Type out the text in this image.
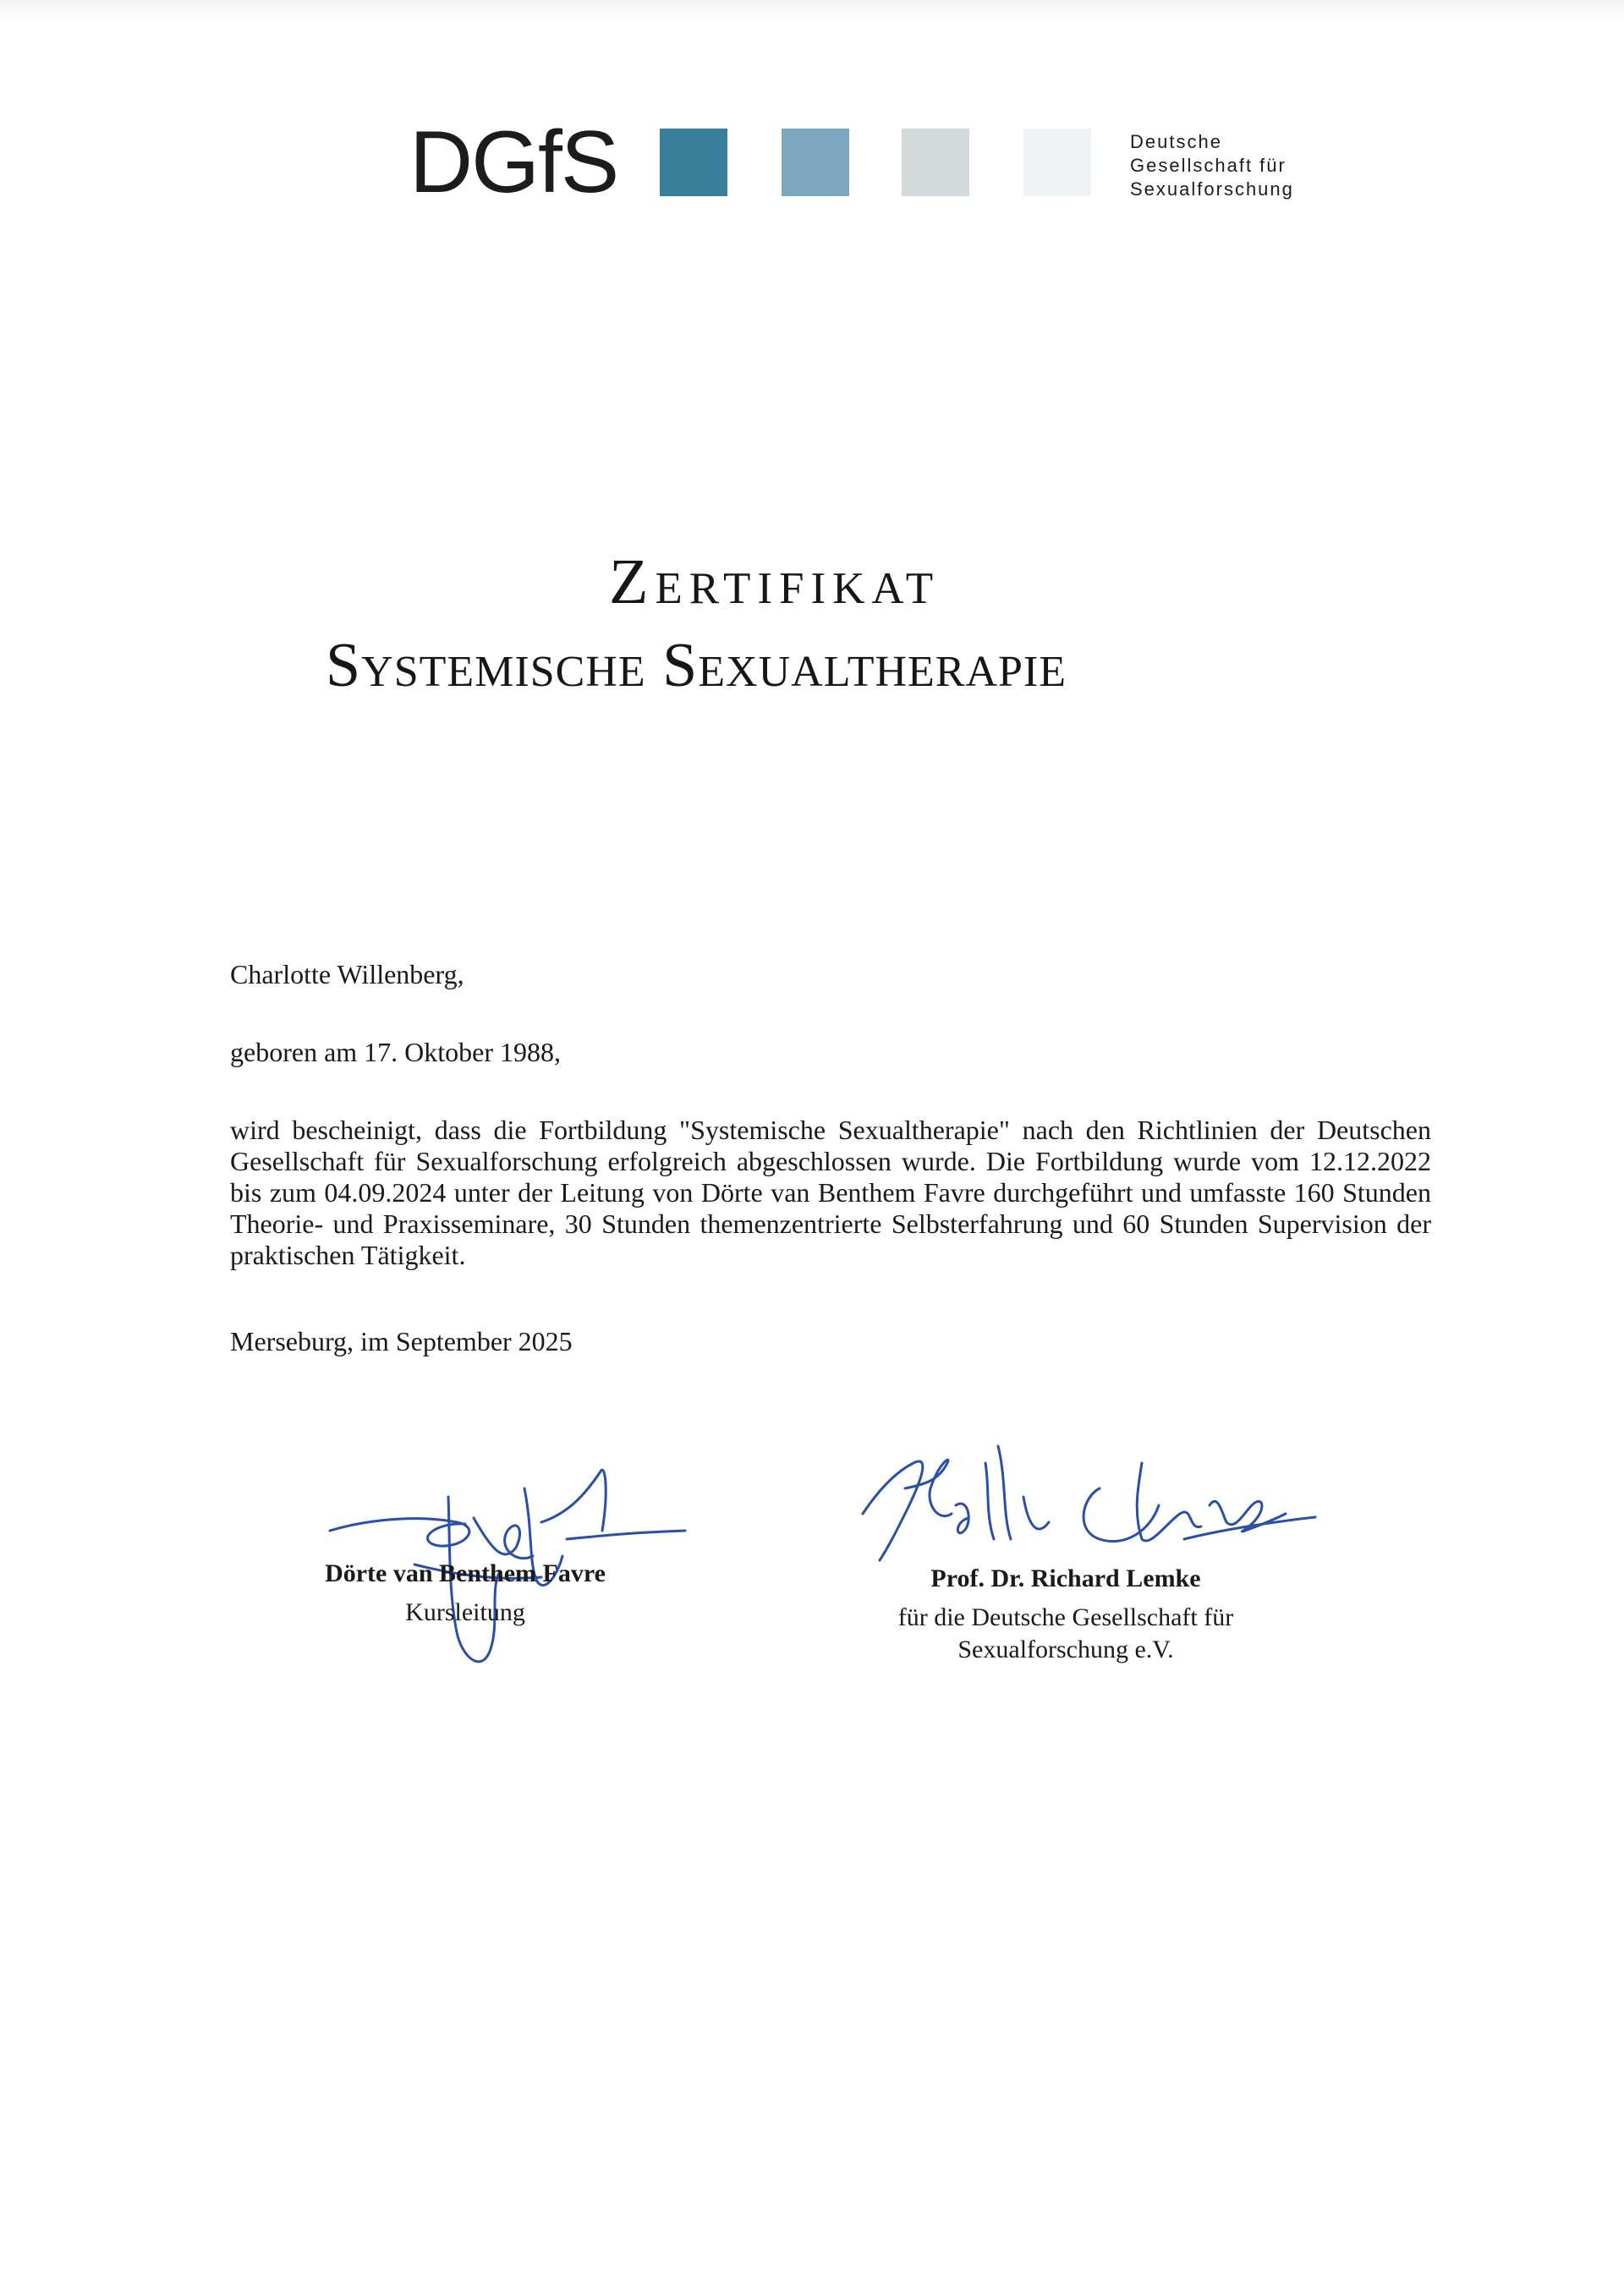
DGfS	Deutsche
Gesellschaft für
Sexualforschung
Zertifikat
Systemische Sexualtherapie
Charlotte Willenberg,
geboren am 17. Oktober 1988,
wird bescheinigt, dass die Fortbildung "Systemische Sexualtherapie" nach den Richtlinien der Deutschen Gesellschaft für Sexualforschung erfolgreich abgeschlossen wurde. Die Fortbildung wurde vom 12.12.2022 bis zum 04.09.2024 unter der Leitung von Dörte van Benthem Favre durchgeführt und umfasste 160 Stunden Theorie- und Praxisseminare, 30 Stunden themenzentrierte Selbsterfahrung und 60 Stunden Supervision der praktischen Tätigkeit.
Merseburg, im September 2025
Dörte van Benthem Favre
Kursleitung
Prof. Dr. Richard Lemke
für die Deutsche Gesellschaft für
Sexualforschung e.V.
